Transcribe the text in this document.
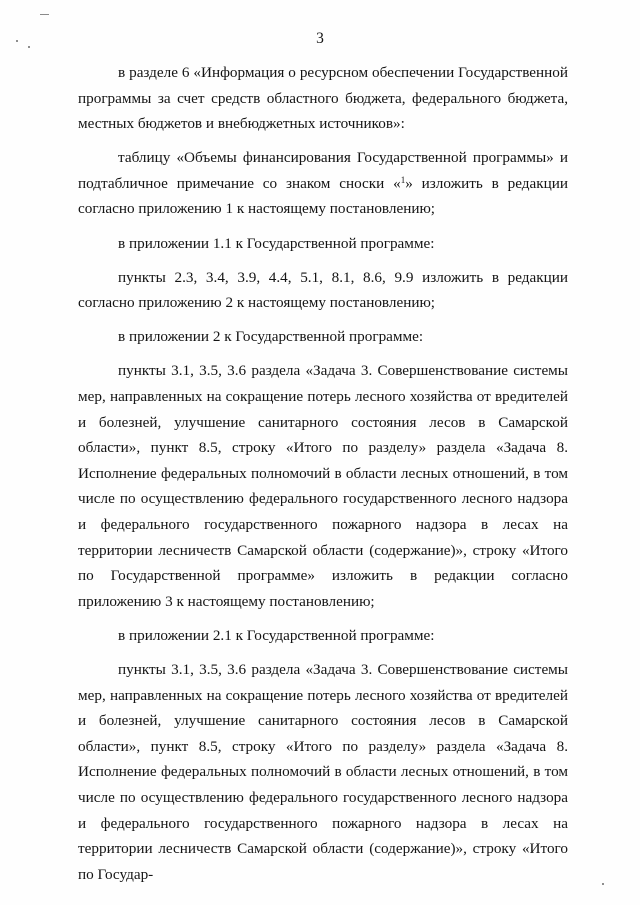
3

в разделе 6 «Информация о ресурсном обеспечении Государственной программы за счет средств областного бюджета, федерального бюджета, местных бюджетов и внебюджетных источников»:

таблицу «Объемы финансирования Государственной программы» и подтабличное примечание со знаком сноски «$^1$» изложить в редакции согласно приложению 1 к настоящему постановлению;

в приложении 1.1 к Государственной программе:

пункты 2.3, 3.4, 3.9, 4.4, 5.1, 8.1, 8.6, 9.9 изложить в редакции согласно приложению 2 к настоящему постановлению;

в приложении 2 к Государственной программе:

пункты 3.1, 3.5, 3.6 раздела «Задача 3. Совершенствование системы мер, направленных на сокращение потерь лесного хозяйства от вредителей и болезней, улучшение санитарного состояния лесов в Самарской области», пункт 8.5, строку «Итого по разделу» раздела «Задача 8. Исполнение федеральных полномочий в области лесных отношений, в том числе по осуществлению федерального государственного лесного надзора и федерального государственного пожарного надзора в лесах на территории лесничеств Самарской области (содержание)», строку «Итого по Государственной программе» изложить в редакции согласно приложению 3 к настоящему постановлению;

в приложении 2.1 к Государственной программе:

пункты 3.1, 3.5, 3.6 раздела «Задача 3. Совершенствование системы мер, направленных на сокращение потерь лесного хозяйства от вредителей и болезней, улучшение санитарного состояния лесов в Самарской области», пункт 8.5, строку «Итого по разделу» раздела «Задача 8. Исполнение федеральных полномочий в области лесных отношений, в том числе по осуществлению федерального государственного лесного надзора и федерального государственного пожарного надзора в лесах на территории лесничеств Самарской области (содержание)», строку «Итого по Государ-
